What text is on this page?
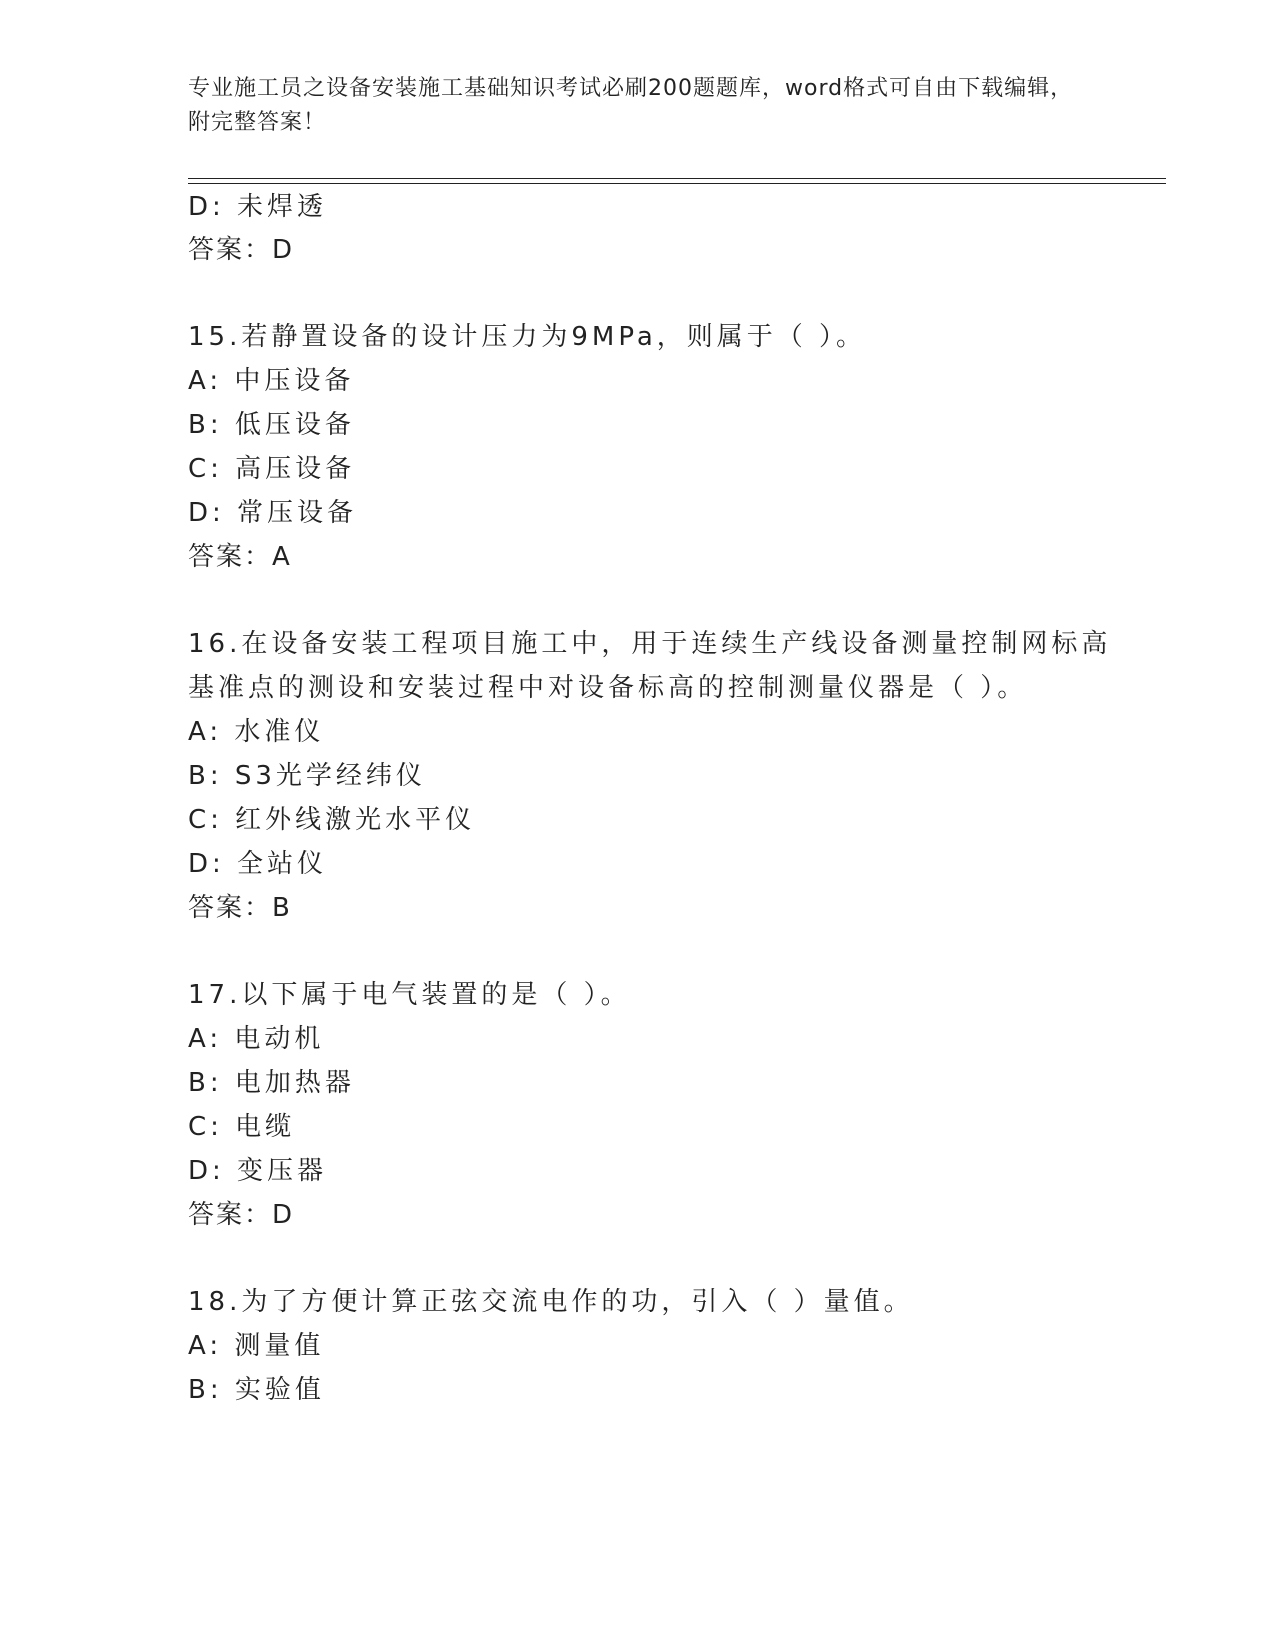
专业施工员之设备安装施工基础知识考试必刷200题题库，word格式可自由下载编辑，附完整答案！
D: 未焊透
答案：D
15.若静置设备的设计压力为9MPa，则属于（ ）。
A: 中压设备
B: 低压设备
C: 高压设备
D: 常压设备
答案：A
16.在设备安装工程项目施工中，用于连续生产线设备测量控制网标高
基准点的测设和安装过程中对设备标高的控制测量仪器是（ ）。
A: 水准仪
B: S3光学经纬仪
C: 红外线激光水平仪
D: 全站仪
答案：B
17.以下属于电气装置的是（ ）。
A: 电动机
B: 电加热器
C: 电缆
D: 变压器
答案：D
18.为了方便计算正弦交流电作的功，引入（ ）量值。
A: 测量值
B: 实验值
